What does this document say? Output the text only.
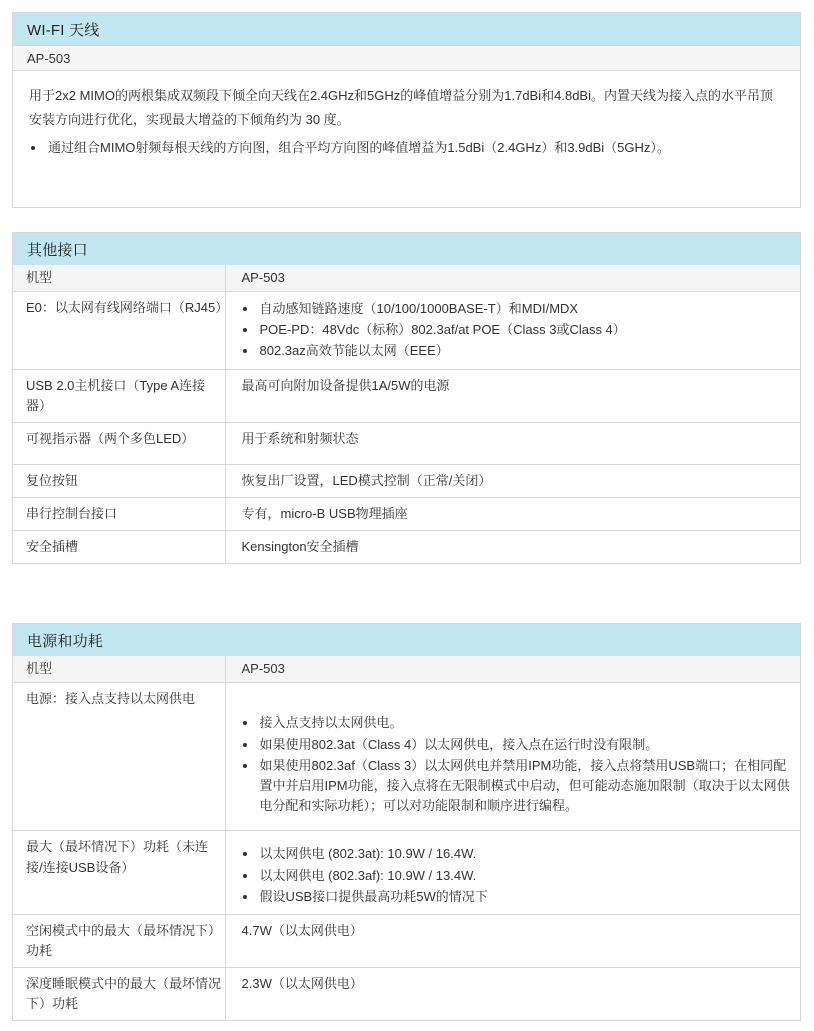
WI-FI 天线
AP-503

用于2x2 MIMO的两根集成双频段下倾全向天线在2.4GHz和5GHz的峰值增益分别为1.7dBi和4.8dBi。内置天线为接入点的水平吊顶安装方向进行优化，实现最大增益的下倾角约为 30 度。

• 通过组合MIMO射频每根天线的方向图，组合平均方向图的峰值增益为1.5dBi（2.4GHz）和3.9dBi（5GHz）。
其他接口
机型	AP-503
E0：以太网有线网络端口（RJ45）	
•自动感知链路速度（10/100/1000BASE-T）和MDI/MDX
• POE-PD：48Vdc（标称）802.3af/at POE（Class 3或Class 4）
• 802.3az高效节能以太网（EEE）

USB 2.0主机接口（Type A连接器）	最高可向附加设备提供1A/5W的电源
可视指示器（两个多色LED）	用于系统和射频状态
复位按钮	恢复出厂设置，LED模式控制（正常/关闭）
串行控制台接口	专有，micro-B USB物理插座
安全插槽	Kensington安全插槽
电源和功耗
机型	AP-503
电源：接入点支持以太网供电	
• 接入点支持以太网供电。
• 如果使用802.3at（Class 4）以太网供电，接入点在运行时没有限制。
• 如果使用802.3af（Class 3）以太网供电并禁用IPM功能，接入点将禁用USB端口；在相同配置中并启用IPM功能，接入点将在无限制模式中启动，但可能动态施加限制（取决于以太网供电分配和实际功耗）；可以对功能限制和顺序进行编程。

最大（最坏情况下）功耗（未连接/连接USB设备）	
• 以太网供电 (802.3at): 10.9W / 16.4W.
• 以太网供电 (802.3af): 10.9W / 13.4W.
• 假设USB接口提供最高功耗5W的情况下

空闲模式中的最大（最坏情况下）功耗	4.7W（以太网供电）
深度睡眠模式中的最大（最坏情况下）功耗	2.3W（以太网供电）
